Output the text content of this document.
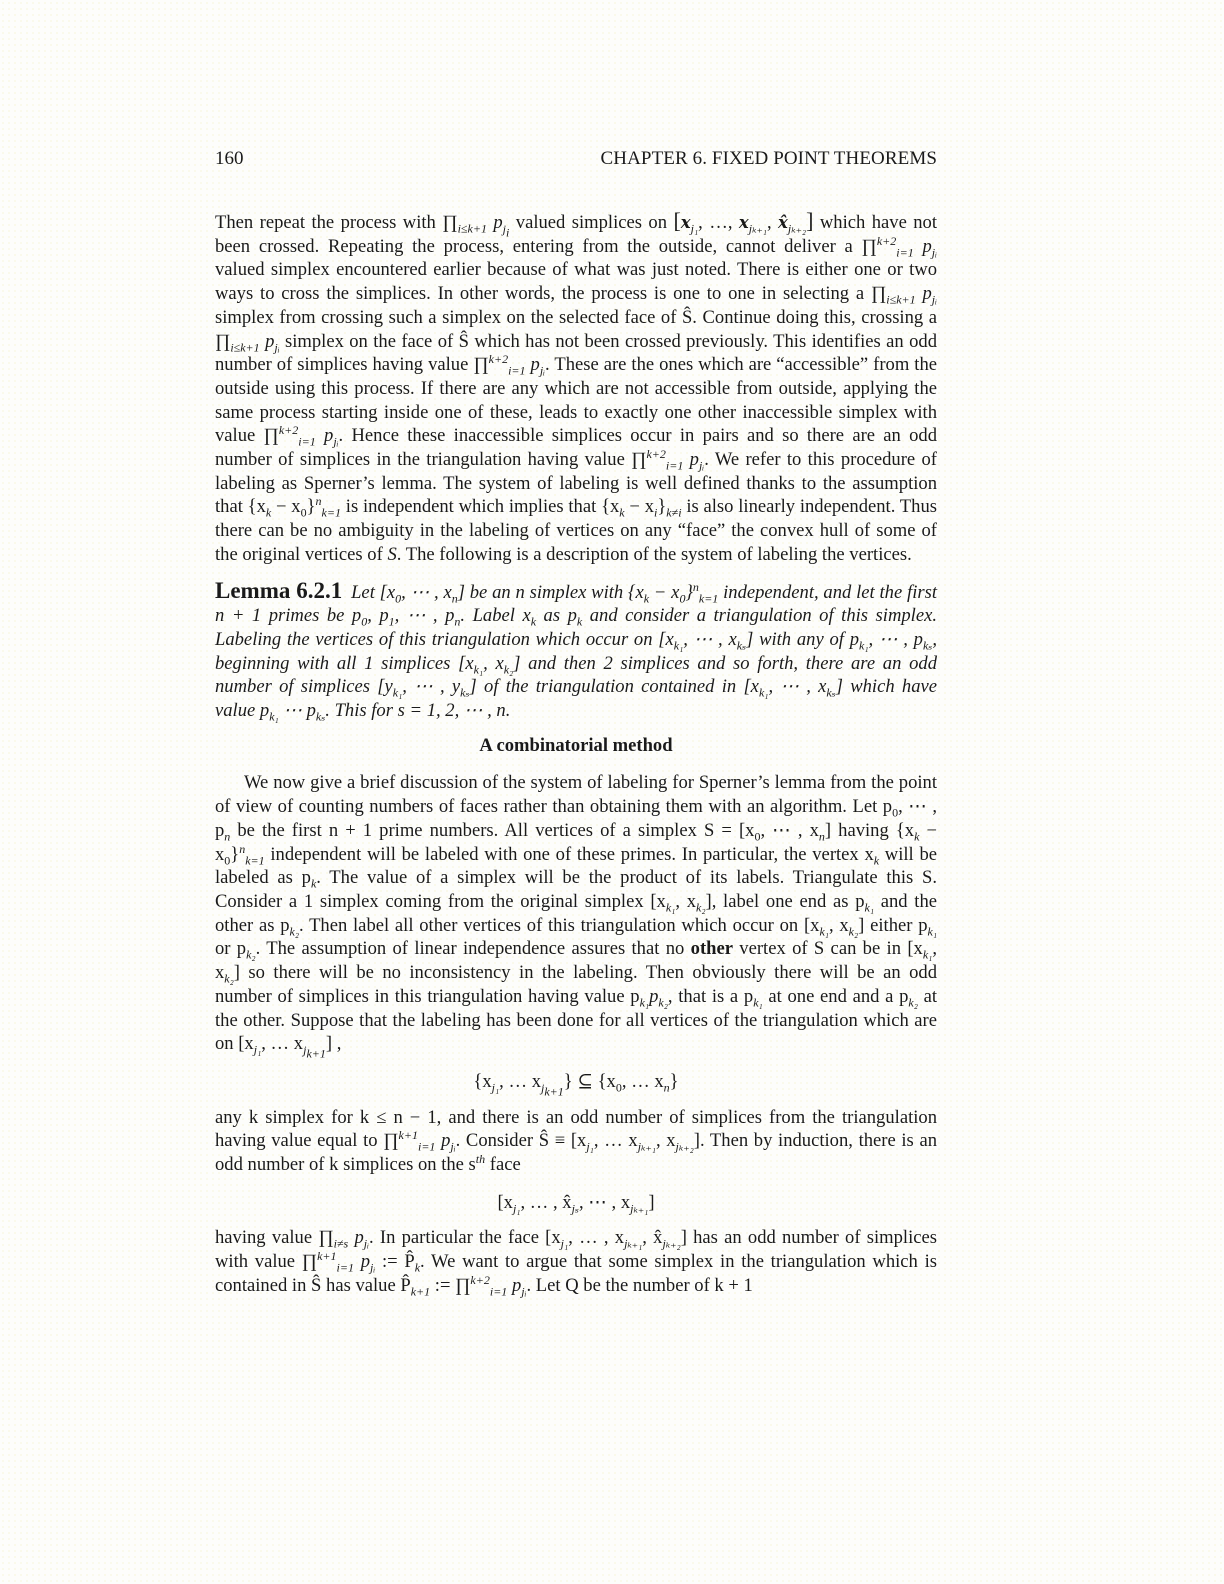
160	CHAPTER 6. FIXED POINT THEOREMS

Then repeat the process with $\prod_{i\le k+1}$ $p_{j_i}$ valued simplices on [$x_{j_1}$, …, $x_{j_{k+1}}$, $x̂_{j_{k+2}}$] which have not been crossed. Repeating the process, entering from the outside, cannot deliver a ∏$^{k+2}_{i=1}$ $p_{jᵢ}$ valued simplex encountered earlier because of what was just noted. There is either one or two ways to cross the simplices. In other words, the process is one to one in selecting a $\prod_{i\le k+1}$ $p_{jᵢ}$ simplex from crossing such a simplex on the selected face of Ŝ. Continue doing this, crossing a $\prod_{i\le k+1}$ $p_{jᵢ}$ simplex on the face of Ŝ which has not been crossed previously. This identifies an odd number of simplices having value ∏$^{k+2}_{i=1}$ $p_{jᵢ}$. These are the ones which are “accessible” from the outside using this process. If there are any which are not accessible from outside, applying the same process starting inside one of these, leads to exactly one other inaccessible simplex with value ∏$^{k+2}_{i=1}$ $p_{jᵢ}$. Hence these inaccessible simplices occur in pairs and so there are an odd number of simplices in the triangulation having value ∏$^{k+2}_{i=1}$ $p_{jᵢ}$. We refer to this procedure of labeling as Sperner’s lemma. The system of labeling is well defined thanks to the assumption that $\{x_k - x_0\}^n_{k=1}$ is independent which implies that $\{x_k - x_i\}_{k\ne i}$ is also linearly independent. Thus there can be no ambiguity in the labeling of vertices on any “face” the convex hull of some of the original vertices of S. The following is a description of the system of labeling the vertices.

Lemma 6.2.1 Let [$x_0$, ⋯ , $x_n$] be an n simplex with $\{x_k - x_0\}^n_{k=1}$ independent, and let the first n + 1 primes be $p_0$, $p_1$, ⋯ , $p_n$. Label $x_k$ as $p_k$ and consider a triangulation of this simplex. Labeling the vertices of this triangulation which occur on [$x_{k_1}$, ⋯ , $x_{k_s}$] with any of $p_{k_1}$, ⋯ , $p_{k_s}$, beginning with all 1 simplices [$x_{k_1}$, $x_{k_2}$] and then 2 simplices and so forth, there are an odd number of simplices [$y_{k_1}$, ⋯ , $y_{k_s}$] of the triangulation contained in [$x_{k_1}$, ⋯ , $x_{k_s}$] which have value $p_{k_1}$ ⋯ $p_{k_s}$. This for s = 1, 2, ⋯ , n.

A combinatorial method

We now give a brief discussion of the system of labeling for Sperner’s lemma from the point of view of counting numbers of faces rather than obtaining them with an algorithm. Let $p_0$, ⋯ , $p_n$ be the first n + 1 prime numbers. All vertices of a simplex $S = [x_0$, ⋯ , $x_n$] having $\{x_k - x_0\}^n_{k=1}$ independent will be labeled with one of these primes. In particular, the vertex $x_k$ will be labeled as $p_k$. The value of a simplex will be the product of its labels. Triangulate this S. Consider a 1 simplex coming from the original simplex [$x_{k_1}$, $x_{k_2}$], label one end as $p_{k_1}$ and the other as $p_{k_2}$. Then label all other vertices of this triangulation which occur on [$x_{k_1}$, $x_{k_2}$] either $p_{k_1}$ or $p_{k_2}$. The assumption of linear independence assures that no other vertex of S can be in [$x_{k_1}$, $x_{k_2}$] so there will be no inconsistency in the labeling. Then obviously there will be an odd number of simplices in this triangulation having value $p_{k_1}p_{k_2}$, that is a $p_{k_1}$ at one end and a $p_{k_2}$ at the other. Suppose that the labeling has been done for all vertices of the triangulation which are on [$x_{j_1}$, … $x_{j_{k+1}}$] ,

{$x_{j_1}$, … $x_{j_{k+1}}$} ⊆ {$x_0$, … $x_n$}

any k simplex for k ≤ n − 1, and there is an odd number of simplices from the triangulation having value equal to ∏$^{k+1}_{i=1}$ $p_{jᵢ}$. Consider Ŝ ≡ [$x_{j_1}$, … $x_{j_{k+1}}$, $x_{j_{k+2}}$]. Then by induction, there is an odd number of k simplices on the $s^{th}$ face

[$x_{j_1}$, … , $x̂_{j_s}$, ⋯ , $x_{j_{k+1}}$]

having value $\prod_{i\ne s}$ $p_{jᵢ}$. In particular the face [$x_{j_1}$, … , $x_{j_{k+1}}$, $x̂_{j_{k+2}}$] has an odd number of simplices with value ∏$^{k+1}_{i=1}$ $p_{jᵢ}$ := $P̂_k$. We want to argue that some simplex in the triangulation which is contained in Ŝ has value $P̂_{k+1}$ := ∏$^{k+2}_{i=1}$ $p_{jᵢ}$. Let Q be the number of k + 1
